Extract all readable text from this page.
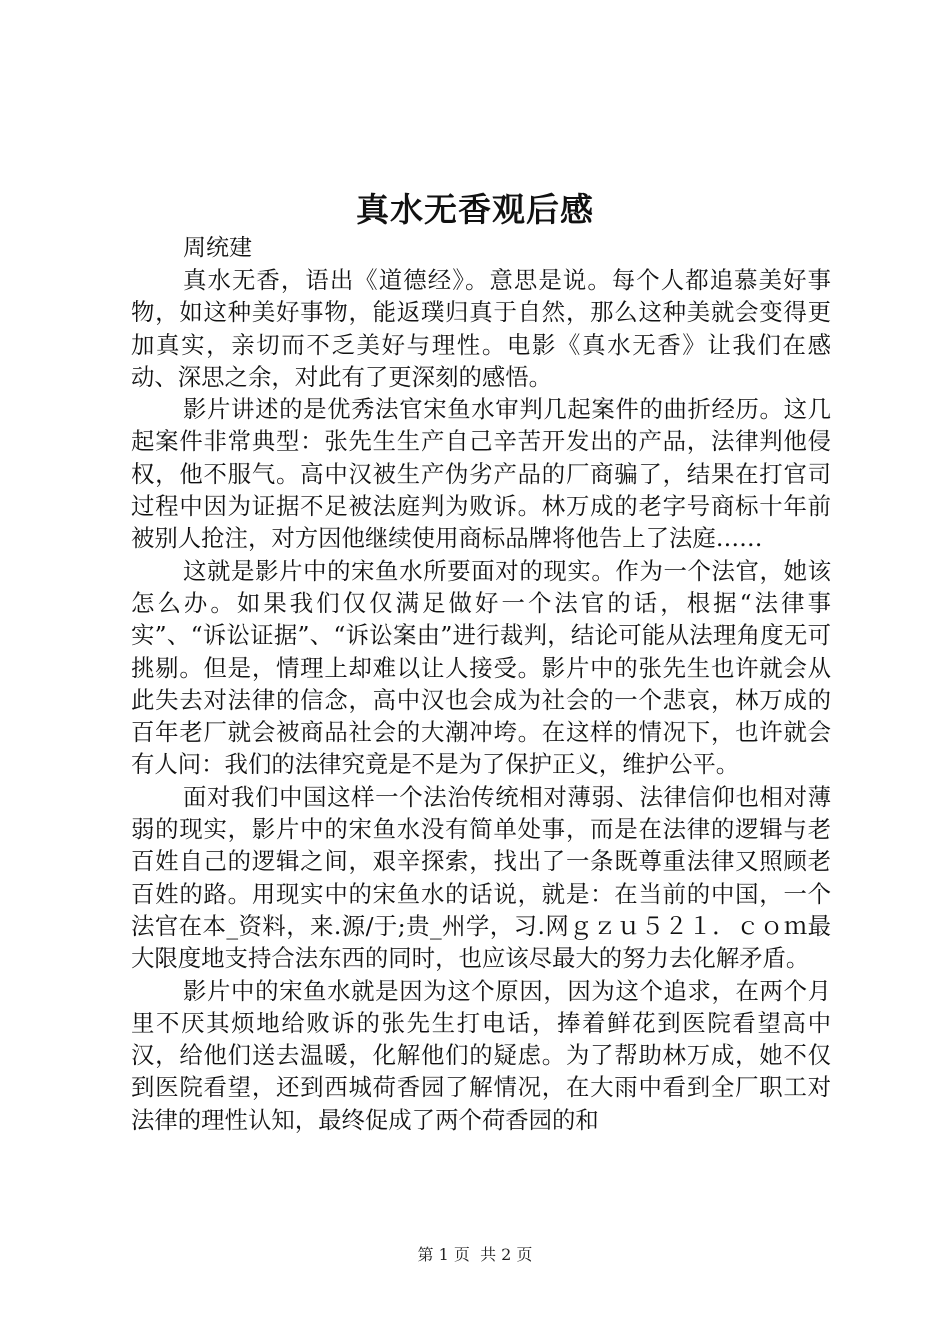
真水无香观后感

周统建

真水无香，语出《道德经》。意思是说。每个人都追慕美好事物，如这种美好事物，能返璞归真于自然，那么这种美就会变得更加真实，亲切而不乏美好与理性。电影《真水无香》让我们在感动、深思之余，对此有了更深刻的感悟。

影片讲述的是优秀法官宋鱼水审判几起案件的曲折经历。这几起案件非常典型：张先生生产自己辛苦开发出的产品，法律判他侵权，他不服气。高中汉被生产伪劣产品的厂商骗了，结果在打官司过程中因为证据不足被法庭判为败诉。林万成的老字号商标十年前被别人抢注，对方因他继续使用商标品牌将他告上了法庭……

这就是影片中的宋鱼水所要面对的现实。作为一个法官，她该怎么办。如果我们仅仅满足做好一个法官的话，根据“法律事实”、“诉讼证据”、“诉讼案由”进行裁判，结论可能从法理角度无可挑剔。但是，情理上却难以让人接受。影片中的张先生也许就会从此失去对法律的信念，高中汉也会成为社会的一个悲哀，林万成的百年老厂就会被商品社会的大潮冲垮。在这样的情况下，也许就会有人问：我们的法律究竟是不是为了保护正义，维护公平。

面对我们中国这样一个法治传统相对薄弱、法律信仰也相对薄弱的现实，影片中的宋鱼水没有简单处事，而是在法律的逻辑与老百姓自己的逻辑之间，艰辛探索，找出了一条既尊重法律又照顾老百姓的路。用现实中的宋鱼水的话说，就是：在当前的中国，一个法官在本_资料，来.源/于;贵_州学，习.网ｇｚｕ５２１．ｃｏｍ最大限度地支持合法东西的同时，也应该尽最大的努力去化解矛盾。

影片中的宋鱼水就是因为这个原因，因为这个追求，在两个月里不厌其烦地给败诉的张先生打电话，捧着鲜花到医院看望高中汉，给他们送去温暖，化解他们的疑虑。为了帮助林万成，她不仅到医院看望，还到西城荷香园了解情况，在大雨中看到全厂职工对法律的理性认知，最终促成了两个荷香园的和

第 1 页  共 2 页
